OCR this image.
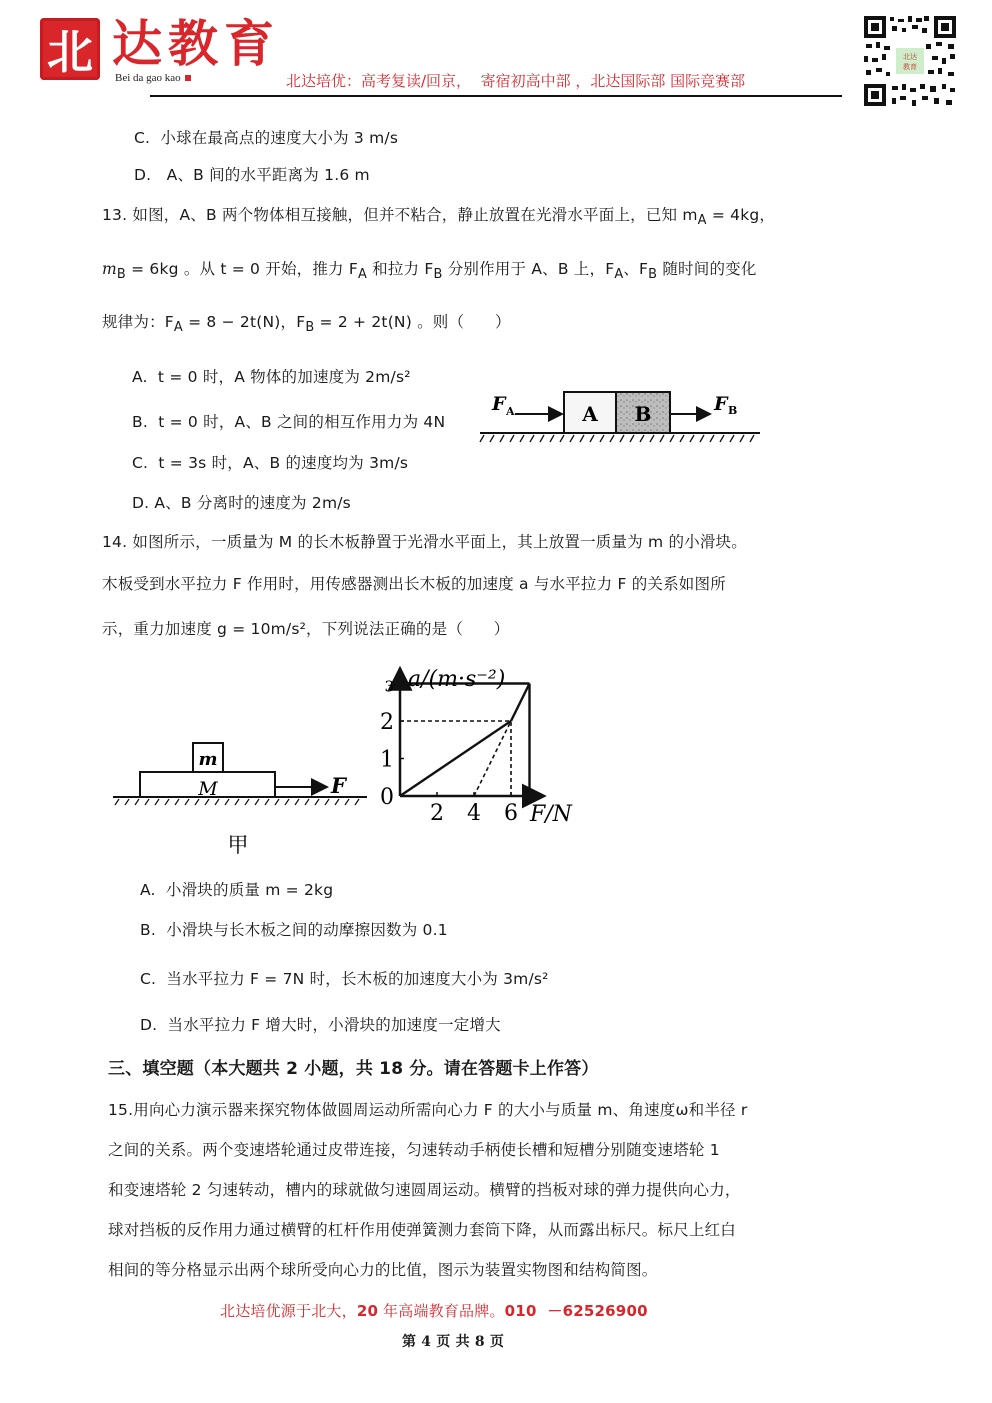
北 达教育
Bei da gao kao	北达培优：高考复读/回京，  寄宿初高中部 ，北达国际部 国际竞赛部
北达
教育
C.  小球在最高点的速度大小为 3 m/s
D.   A、B 间的水平距离为 1.6 m
13. 如图，A、B 两个物体相互接触，但并不粘合，静止放置在光滑水平面上，已知 $m_A = 4kg$，
$m_B = 6kg$ 。从 t = 0 开始，推力 $F_A$ 和拉力 $F_B$ 分别作用于 A、B 上，$F_A$、$F_B$ 随时间的变化
规律为：$F_A = 8 - 2t(N)$，$F_B = 2 + 2t(N)$ 。则（      ）
A.  t = 0 时，A 物体的加速度为 2m/s²
B.  t = 0 时，A、B 之间的相互作用力为 4N
C.  t = 3s 时，A、B 的速度均为 3m/s
D. A、B 分离时的速度为 2m/s
A B
F A	F B
14. 如图所示，一质量为 M 的长木板静置于光滑水平面上，其上放置一质量为 m 的小滑块。
木板受到水平拉力 F 作用时，用传感器测出长木板的加速度 a 与水平拉力 F 的关系如图所
示，重力加速度 g = 10m/s²，下列说法正确的是（      ）
m
M	F
甲
2 4 6
1
2
3
0
a/(m·s⁻²)
F/N
A.  小滑块的质量 m = 2kg
B.  小滑块与长木板之间的动摩擦因数为 0.1
C.  当水平拉力 F = 7N 时，长木板的加速度大小为 3m/s²
D.  当水平拉力 F 增大时，小滑块的加速度一定增大
三、填空题（本大题共 2 小题，共 18 分。请在答题卡上作答）
15.用向心力演示器来探究物体做圆周运动所需向心力 F 的大小与质量 m、角速度ω和半径 r
之间的关系。两个变速塔轮通过皮带连接，匀速转动手柄使长槽和短槽分别随变速塔轮 1
和变速塔轮 2 匀速转动，槽内的球就做匀速圆周运动。横臂的挡板对球的弹力提供向心力，
球对挡板的反作用力通过横臂的杠杆作用使弹簧测力套筒下降，从而露出标尺。标尺上红白
相间的等分格显示出两个球所受向心力的比值，图示为装置实物图和结构简图。
北达培优源于北大，20 年高端教育品牌。010  －62526900
第 4 页 共 8 页
